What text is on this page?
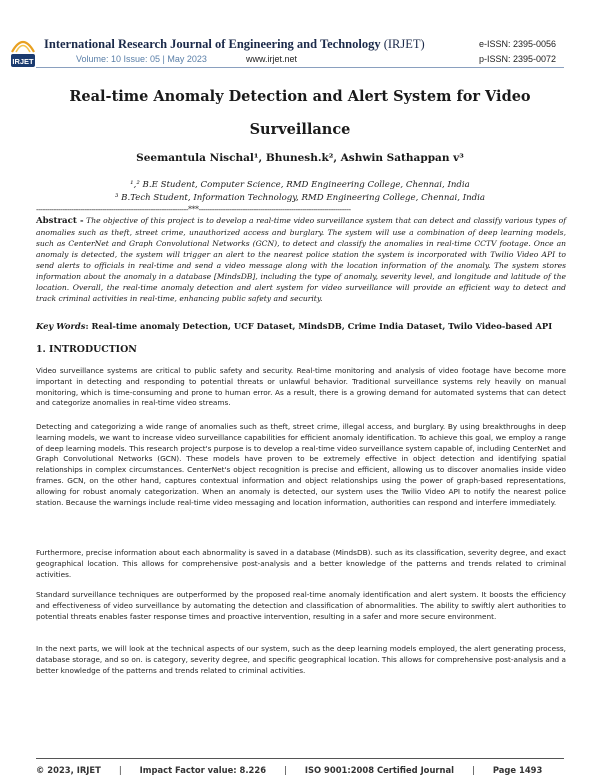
IRJET
International Research Journal of Engineering and Technology (IRJET)
Volume: 10 Issue: 05 | May 2023	www.irjet.net
e-ISSN: 2395-0056
p-ISSN: 2395-0072
Real-time Anomaly Detection and Alert System for Video
Surveillance
Seemantula Nischal¹, Bhunesh.k², Ashwin Sathappan v³
¹,² B.E Student, Computer Science, RMD Engineering College, Chennai, India
³ B.Tech Student, Information Technology, RMD Engineering College, Chennai, India
---------------------------------------------------------------------***---------------------------------------------------------------------
Abstract - The objective of this project is to develop a real-time video surveillance system that can detect and classify various types of anomalies such as theft, street crime, unauthorized access and burglary. The system will use a combination of deep learning models, such as CenterNet and Graph Convolutional Networks (GCN), to detect and classify the anomalies in real-time CCTV footage. Once an anomaly is detected, the system will trigger an alert to the nearest police station the system is incorporated with Twilio Video API to send alerts to officials in real-time and send a video message along with the location information of the anomaly. The system stores information about the anomaly in a database [MindsDB], including the type of anomaly, severity level, and longitude and latitude of the location. Overall, the real-time anomaly detection and alert system for video surveillance will provide an efficient way to detect and track criminal activities in real-time, enhancing public safety and security.
Key Words: Real-time anomaly Detection, UCF Dataset, MindsDB, Crime India Dataset, Twilo Video-based API
1. INTRODUCTION
Video surveillance systems are critical to public safety and security. Real-time monitoring and analysis of video footage have become more important in detecting and responding to potential threats or unlawful behavior. Traditional surveillance systems rely heavily on manual monitoring, which is time-consuming and prone to human error. As a result, there is a growing demand for automated systems that can detect and categorize anomalies in real-time video streams.
Detecting and categorizing a wide range of anomalies such as theft, street crime, illegal access, and burglary. By using breakthroughs in deep learning models, we want to increase video surveillance capabilities for efficient anomaly identification. To achieve this goal, we employ a range of deep learning models. This research project's purpose is to develop a real-time video surveillance system capable of, including CenterNet and Graph Convolutional Networks (GCN). These models have proven to be extremely effective in object detection and identifying spatial relationships in complex circumstances. CenterNet's object recognition is precise and efficient, allowing us to discover anomalies inside video frames. GCN, on the other hand, captures contextual information and object relationships using the power of graph-based representations, allowing for robust anomaly categorization. When an anomaly is detected, our system uses the Twilio Video API to notify the nearest police station. Because the warnings include real-time video messaging and location information, authorities can respond and interfere immediately.
Furthermore, precise information about each abnormality is saved in a database (MindsDB). such as its classification, severity degree, and exact geographical location. This allows for comprehensive post-analysis and a better knowledge of the patterns and trends related to criminal activities.
Standard surveillance techniques are outperformed by the proposed real-time anomaly identification and alert system. It boosts the efficiency and effectiveness of video surveillance by automating the detection and classification of abnormalities. The ability to swiftly alert authorities to potential threats enables faster response times and proactive intervention, resulting in a safer and more secure environment.
In the next parts, we will look at the technical aspects of our system, such as the deep learning models employed, the alert generating process, database storage, and so on. is category, severity degree, and specific geographical location. This allows for comprehensive post-analysis and a better knowledge of the patterns and trends related to criminal activities.
© 2023, IRJET | Impact Factor value: 8.226 | ISO 9001:2008 Certified Journal | Page 1493
